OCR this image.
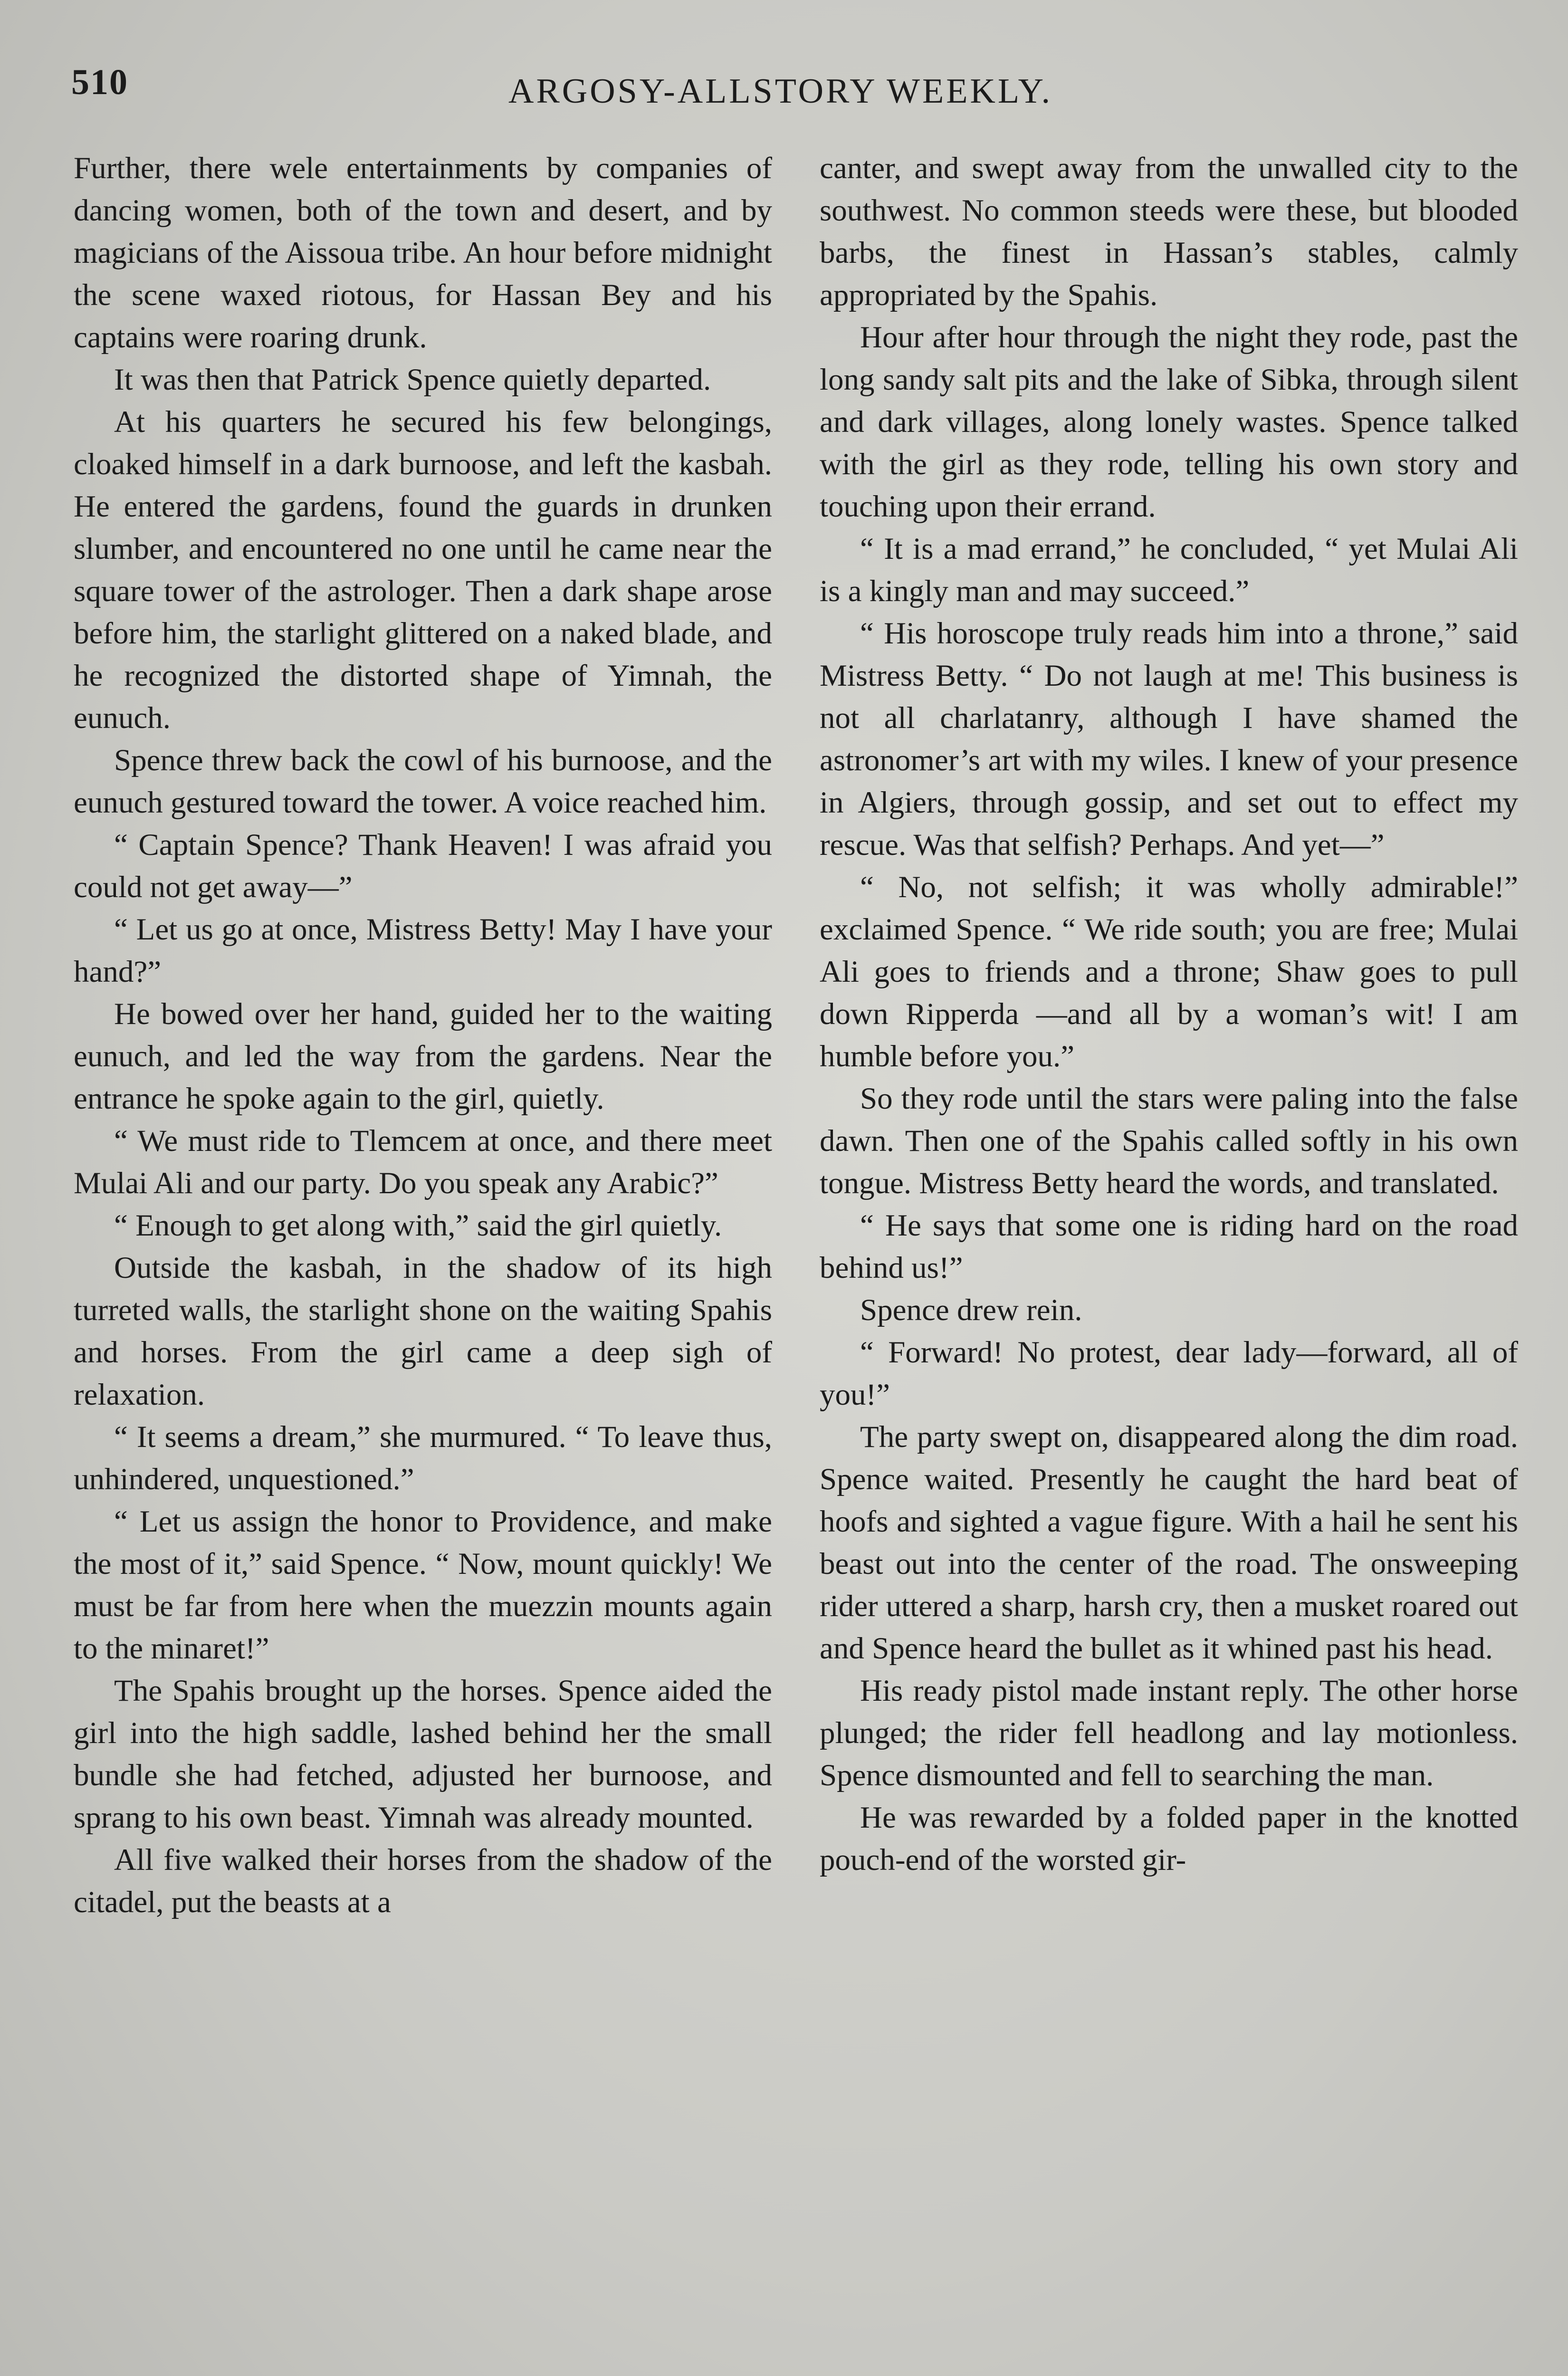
510	ARGOSY-ALLSTORY WEEKLY.

Further, there wele entertainments by companies of dancing women, both of the town and desert, and by magicians of the Aissoua tribe. An hour before midnight the scene waxed riotous, for Hassan Bey and his captains were roaring drunk.

It was then that Patrick Spence quietly departed.

At his quarters he secured his few belongings, cloaked himself in a dark burnoose, and left the kasbah. He entered the gardens, found the guards in drunken slumber, and encountered no one until he came near the square tower of the astrologer. Then a dark shape arose before him, the starlight glittered on a naked blade, and he recognized the distorted shape of Yimnah, the eunuch.

Spence threw back the cowl of his burnoose, and the eunuch gestured toward the tower. A voice reached him.

“ Captain Spence? Thank Heaven! I was afraid you could not get away—”

“ Let us go at once, Mistress Betty! May I have your hand?”

He bowed over her hand, guided her to the waiting eunuch, and led the way from the gardens. Near the entrance he spoke again to the girl, quietly.

“ We must ride to Tlemcem at once, and there meet Mulai Ali and our party. Do you speak any Arabic?”

“ Enough to get along with,” said the girl quietly.

Outside the kasbah, in the shadow of its high turreted walls, the starlight shone on the waiting Spahis and horses. From the girl came a deep sigh of relaxation.

“ It seems a dream,” she murmured. “ To leave thus, unhindered, unquestioned.”

“ Let us assign the honor to Providence, and make the most of it,” said Spence. “ Now, mount quickly! We must be far from here when the muezzin mounts again to the minaret!”

The Spahis brought up the horses. Spence aided the girl into the high saddle, lashed behind her the small bundle she had fetched, adjusted her burnoose, and sprang to his own beast. Yimnah was already mounted.

All five walked their horses from the shadow of the citadel, put the beasts at a

canter, and swept away from the unwalled city to the southwest. No common steeds were these, but blooded barbs, the finest in Hassan’s stables, calmly appropriated by the Spahis.

Hour after hour through the night they rode, past the long sandy salt pits and the lake of Sibka, through silent and dark villages, along lonely wastes. Spence talked with the girl as they rode, telling his own story and touching upon their errand.

“ It is a mad errand,” he concluded, “ yet Mulai Ali is a kingly man and may succeed.”

“ His horoscope truly reads him into a throne,” said Mistress Betty. “ Do not laugh at me! This business is not all charlatanry, although I have shamed the astronomer’s art with my wiles. I knew of your presence in Algiers, through gossip, and set out to effect my rescue. Was that selfish? Perhaps. And yet—”

“ No, not selfish; it was wholly admirable!” exclaimed Spence. “ We ride south; you are free; Mulai Ali goes to friends and a throne; Shaw goes to pull down Ripperda —and all by a woman’s wit! I am humble before you.”

So they rode until the stars were paling into the false dawn. Then one of the Spahis called softly in his own tongue. Mistress Betty heard the words, and translated.

“ He says that some one is riding hard on the road behind us!”

Spence drew rein.

“ Forward! No protest, dear lady—forward, all of you!”

The party swept on, disappeared along the dim road. Spence waited. Presently he caught the hard beat of hoofs and sighted a vague figure. With a hail he sent his beast out into the center of the road. The onsweeping rider uttered a sharp, harsh cry, then a musket roared out and Spence heard the bullet as it whined past his head.

His ready pistol made instant reply. The other horse plunged; the rider fell headlong and lay motionless. Spence dismounted and fell to searching the man.

He was rewarded by a folded paper in the knotted pouch-end of the worsted gir-
